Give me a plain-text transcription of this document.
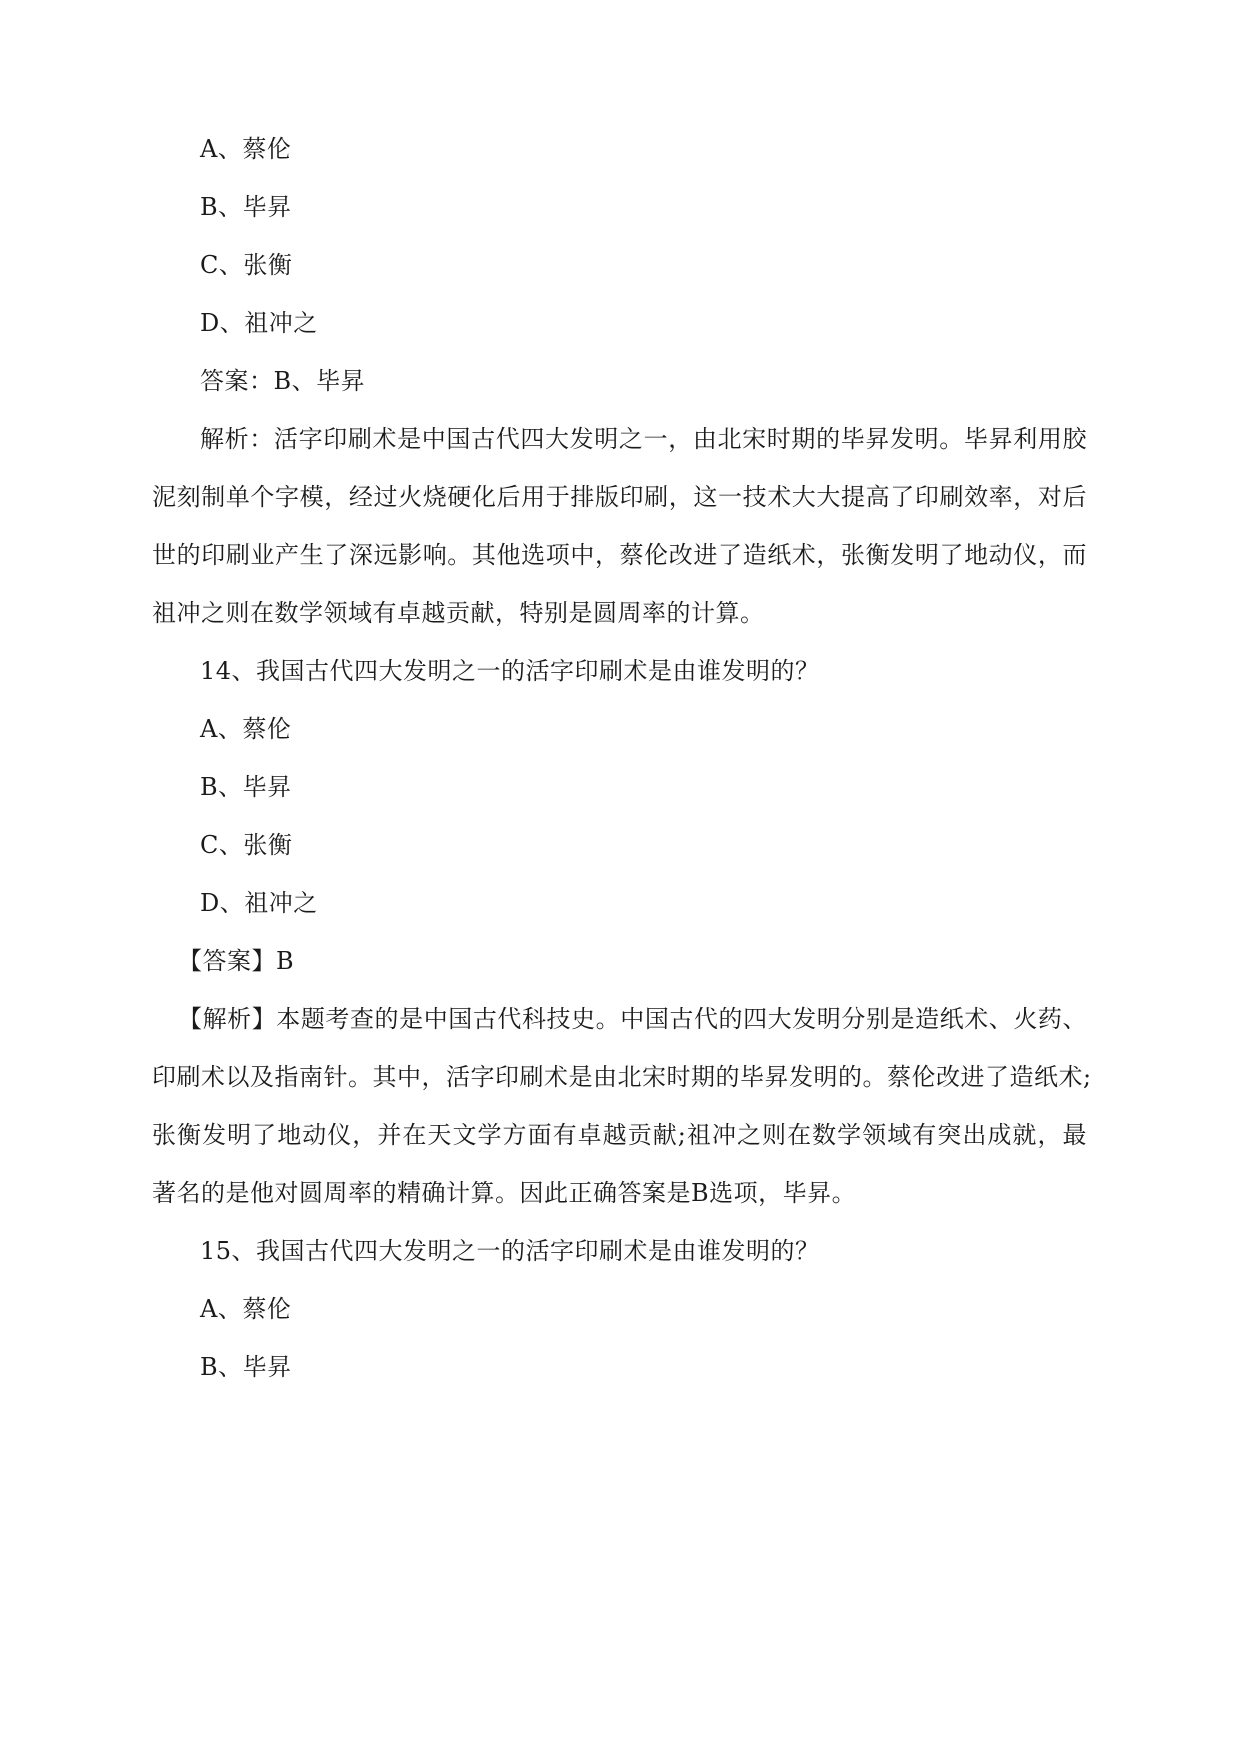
A、蔡伦
B、毕昇
C、张衡
D、祖冲之
答案：B、毕昇
解析：活字印刷术是中国古代四大发明之一，由北宋时期的毕昇发明。毕昇利用胶
泥刻制单个字模，经过火烧硬化后用于排版印刷，这一技术大大提高了印刷效率，对后
世的印刷业产生了深远影响。其他选项中，蔡伦改进了造纸术，张衡发明了地动仪，而
祖冲之则在数学领域有卓越贡献，特别是圆周率的计算。
14、我国古代四大发明之一的活字印刷术是由谁发明的？
A、蔡伦
B、毕昇
C、张衡
D、祖冲之
【答案】B
【解析】本题考查的是中国古代科技史。中国古代的四大发明分别是造纸术、火药、
印刷术以及指南针。其中，活字印刷术是由北宋时期的毕昇发明的。蔡伦改进了造纸术;
张衡发明了地动仪，并在天文学方面有卓越贡献;祖冲之则在数学领域有突出成就，最
著名的是他对圆周率的精确计算。因此正确答案是B选项，毕昇。
15、我国古代四大发明之一的活字印刷术是由谁发明的？
A、蔡伦
B、毕昇
